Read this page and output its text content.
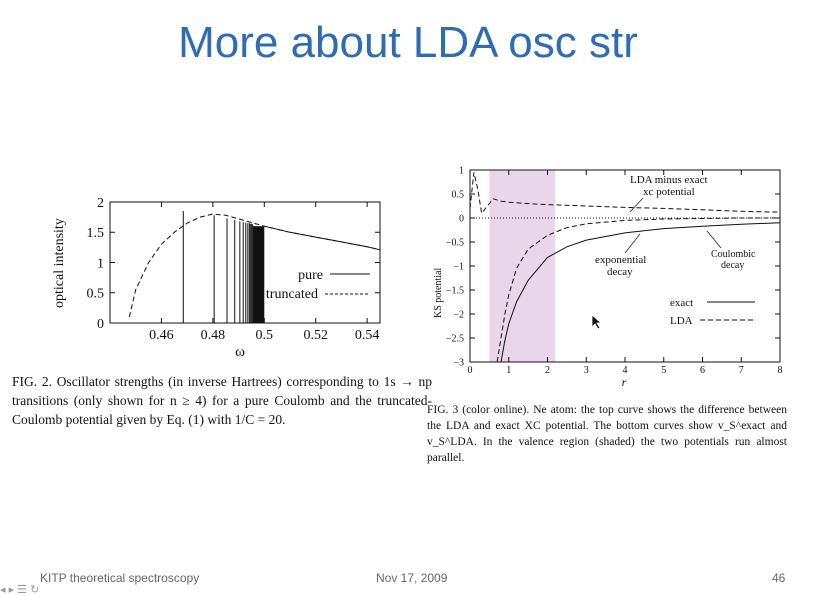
More about LDA osc str
0.46 0.48 0.5 0.52 0.54
0
0.5
1
1.5
2
pure
truncated
optical intensity
ω
0	1	2	3	4	5	6	7	8
−3
−2.5
−2
−1.5
−1
−0.5
0
0.5
1
LDA minus exact
xc potential
exponential
decay
Coulombic
decay
exact
LDA
KS potential
r
FIG. 2. Oscillator strengths (in inverse Hartrees) corresponding to 1s → np transitions (only shown for n ≥ 4) for a pure Coulomb and the truncated-Coulomb potential given by Eq. (1) with 1/C = 20.
FIG. 3 (color online). Ne atom: the top curve shows the difference between the LDA and exact XC potential. The bottom curves show v_S^exact and v_S^LDA. In the valence region (shaded) the two potentials run almost parallel.
KITP theoretical spectroscopy	Nov 17, 2009	46
◂ ▸ ☰ ↻
